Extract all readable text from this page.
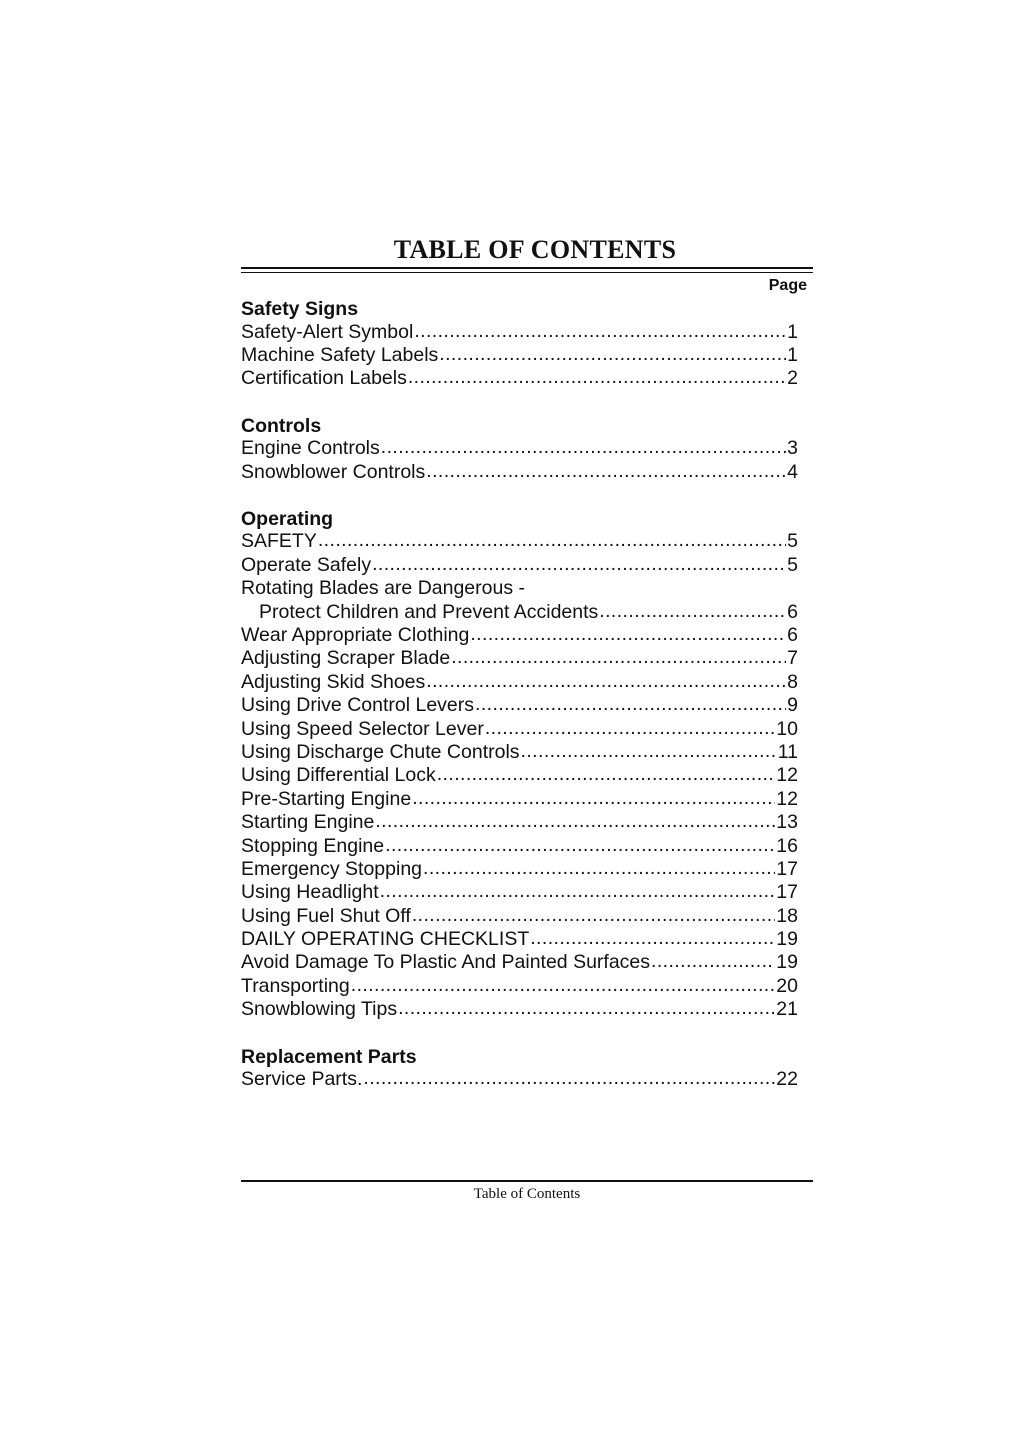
TABLE OF CONTENTS
Page
Safety Signs
Safety-Alert Symbol .....	1
Machine Safety Labels .....	1
Certification Labels .....	2
Controls
Engine Controls .....	3
Snowblower Controls .....	4
Operating
SAFETY .....	5
Operate Safely .....	5
Rotating Blades are Dangerous -
Protect Children and Prevent Accidents .....	6
Wear Appropriate Clothing .....	6
Adjusting Scraper Blade .....	7
Adjusting Skid Shoes .....	8
Using Drive Control Levers .....	9
Using Speed Selector Lever .....	10
Using Discharge Chute Controls .....	11
Using Differential Lock .....	12
Pre-Starting Engine .....	12
Starting Engine .....	13
Stopping Engine .....	16
Emergency Stopping .....	17
Using Headlight .....	17
Using Fuel Shut Off .....	18
DAILY OPERATING CHECKLIST .....	19
Avoid Damage To Plastic And Painted Surfaces .....	19
Transporting .....	20
Snowblowing Tips .....	21
Replacement Parts
Service Parts. .....	22
Table of Contents
